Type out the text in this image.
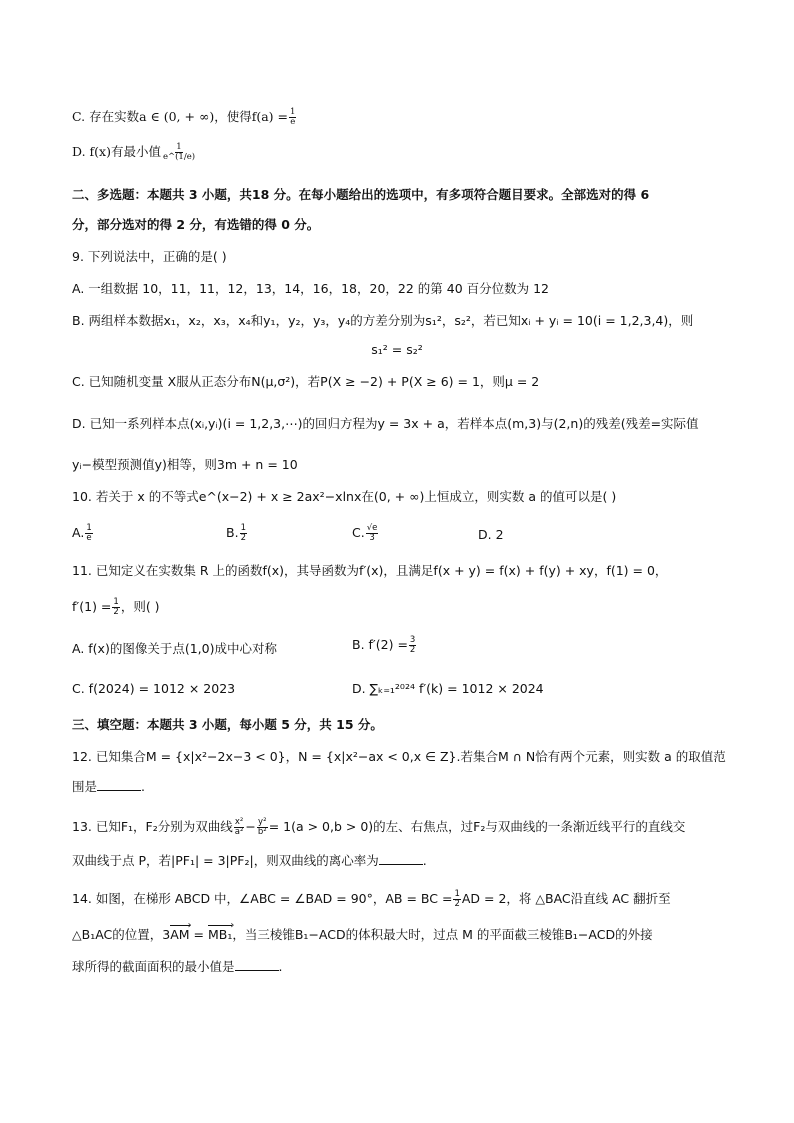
C. 存在实数a ∈ (0, + ∞)，使得$f(a) = \frac{1}{e}$
D. f(x)有最小值 $\frac{1}{e\^{}(1/e)}$
二、多选题：本题共 3 小题，共18 分。在每小题给出的选项中，有多项符合题目要求。全部选对的得 6
分，部分选对的得 2 分，有选错的得 0 分。
9. 下列说法中，正确的是( )
A. 一组数据 10，11，11，12，13，14，16，18，20，22 的第 40 百分位数为 12
B. 两组样本数据x₁，x₂，x₃，x₄和y₁，y₂，y₃，y₄的方差分别为s₁²，s₂²，若已知xᵢ + yᵢ = 10(i = 1,2,3,4)，则
s₁² = s₂²
C. 已知随机变量 X服从正态分布N(μ,σ²)，若P(X ≥ −2) + P(X ≥ 6) = 1，则μ = 2
D. 已知一系列样本点(xᵢ,yᵢ)(i = 1,2,3,⋯)的回归方程为y = 3x + a，若样本点(m,3)与(2,n)的残差(残差=实际值
yᵢ−模型预测值y)相等，则3m + n = 10
10. 若关于 x 的不等式e^(x−2) + x ≥ 2ax²−xlnx在(0, + ∞)上恒成立，则实数 a 的值可以是( )
A. $\frac{1}{e}$	B. $\frac{1}{2}$	C. $\frac{√e}{3}$	D. 2
11. 已知定义在实数集 R 上的函数f(x)，其导函数为f′(x)，且满足f(x + y) = f(x) + f(y) + xy，f(1) = 0，
$f'(1) = \frac{1}{2}$ ，则( )
A. f(x)的图像关于点(1,0)成中心对称	B. $f'(2) = \frac{3}{2}$
C. f(2024) = 1012 × 2023	D. ∑ₖ₌₁²⁰²⁴ f′(k) = 1012 × 2024
三、填空题：本题共 3 小题，每小题 5 分，共 15 分。
12. 已知集合M = {x|x²−2x−3 < 0}，N = {x|x²−ax < 0,x ∈ Z}.若集合M ∩ N恰有两个元素，则实数 a 的取值范
围是	.
13. 已知F₁，F₂分别为双曲线 $\frac{\text{x²}}{\text{a²}} - \frac{\text{y²}}{\text{b²}} = 1(a > 0,b > 0)$的左、右焦点，过F₂与双曲线的一条渐近线平行的直线交
双曲线于点 P，若|PF₁| = 3|PF₂|，则双曲线的离心率为	.
14. 如图，在梯形 ABCD 中，∠ABC = ∠BAD = 90°，AB = BC = $\frac{1}{2}$ AD = 2，将 △BAC沿直线 AC 翻折至
△B₁AC的位置，3AM › = MB₁ ›，当三棱锥B₁−ACD的体积最大时，过点 M 的平面截三棱锥B₁−ACD的外接
球所得的截面面积的最小值是	.
